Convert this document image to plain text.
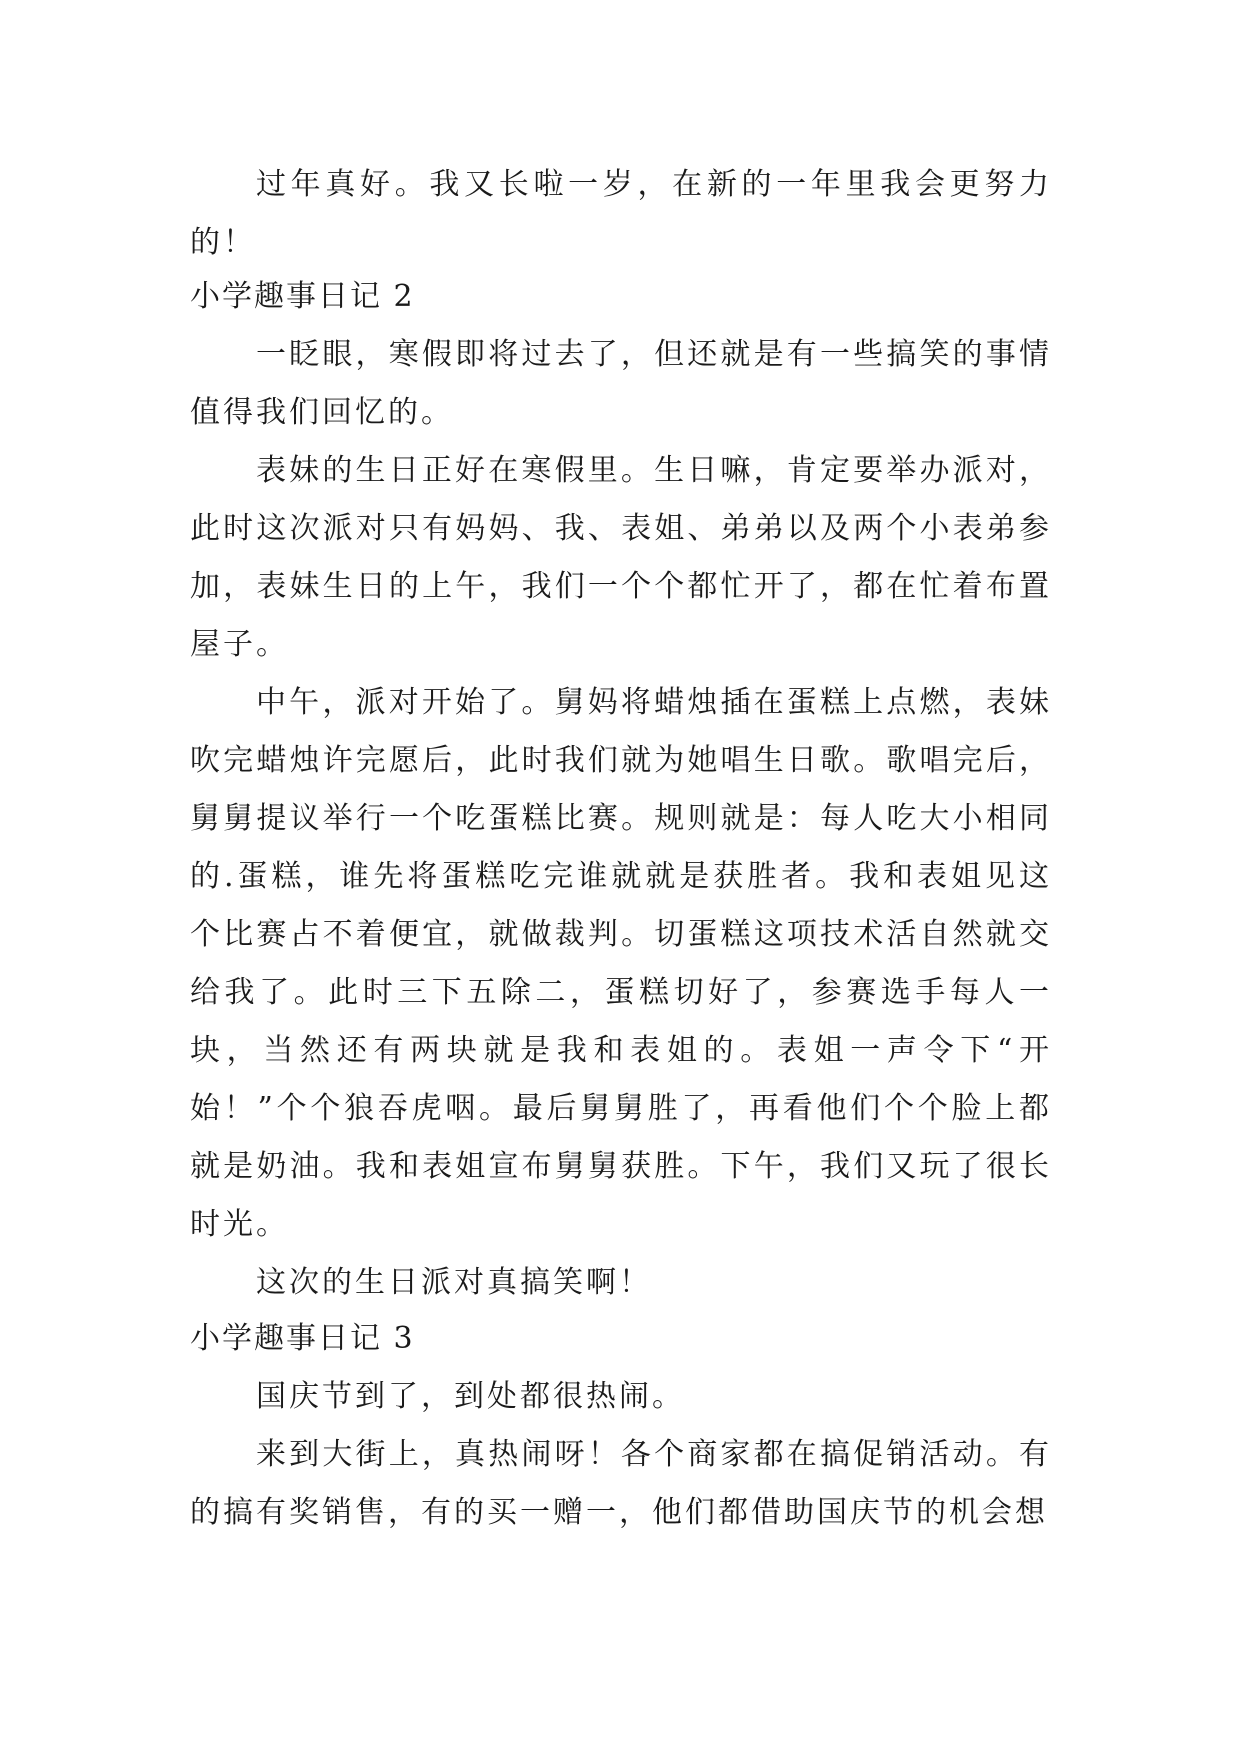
过年真好。我又长啦一岁，在新的一年里我会更努力的！

小学趣事日记 2

一眨眼，寒假即将过去了，但还就是有一些搞笑的事情值得我们回忆的。

表妹的生日正好在寒假里。生日嘛，肯定要举办派对，此时这次派对只有妈妈、我、表姐、弟弟以及两个小表弟参加，表妹生日的上午，我们一个个都忙开了，都在忙着布置屋子。

中午，派对开始了。舅妈将蜡烛插在蛋糕上点燃，表妹吹完蜡烛许完愿后，此时我们就为她唱生日歌。歌唱完后，舅舅提议举行一个吃蛋糕比赛。规则就是：每人吃大小相同的.蛋糕，谁先将蛋糕吃完谁就就是获胜者。我和表姐见这个比赛占不着便宜，就做裁判。切蛋糕这项技术活自然就交给我了。此时三下五除二，蛋糕切好了，参赛选手每人一块，当然还有两块就是我和表姐的。表姐一声令下“开始！”个个狼吞虎咽。最后舅舅胜了，再看他们个个脸上都就是奶油。我和表姐宣布舅舅获胜。下午，我们又玩了很长时光。

这次的生日派对真搞笑啊！

小学趣事日记 3

国庆节到了，到处都很热闹。

来到大街上，真热闹呀！各个商家都在搞促销活动。有的搞有奖销售，有的买一赠一，他们都借助国庆节的机会想
